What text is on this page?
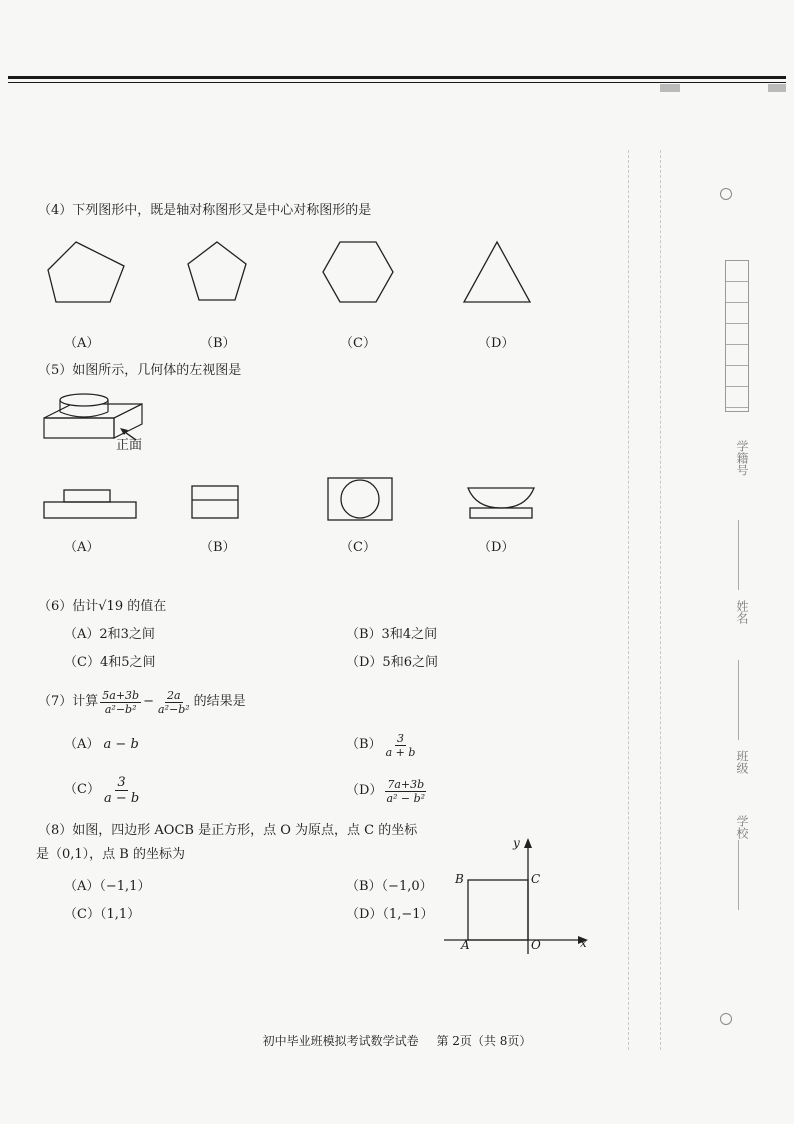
学籍号
姓名
班级
学校
（4）下列图形中，既是轴对称图形又是中心对称图形的是
（A）	（B）	（C）	（D）
（5）如图所示，几何体的左视图是
正面
（A）	（B）	（C）	（D）
（6）估计√19 的值在
（A）2和3之间	（B）3和4之间
（C）4和5之间	（D）5和6之间
（7）计算 $\frac{5a+3b}{\text{a²−b²}} - \frac{2a}{\text{a²−b²}}$ 的结果是
（A） a − b	$(B) \frac{3}{a + b}$
$(C) \frac{3}{a - b}$	$(D) \frac{7a+3b}{\text{a² − b²}}$
（8）如图，四边形 AOCB 是正方形，点 O 为原点，点 C 的坐标
是（0,1），点 B 的坐标为
（A）（−1,1）	（B）（−1,0）
（C）（1,1）	（D）（1,−1）
y
x
B	C
A	O
初中毕业班模拟考试数学试卷 第 2页（共 8页）
